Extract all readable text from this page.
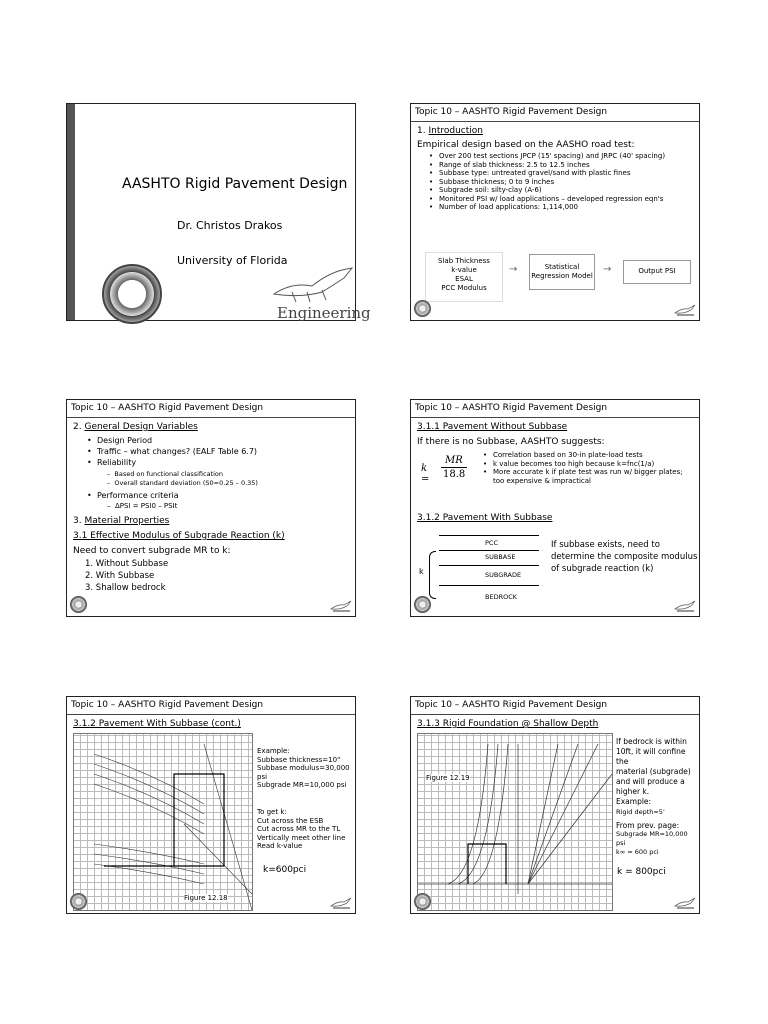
AASHTO Rigid Pavement Design
Dr. Christos Drakos
University of Florida
Engineering
Topic 10 – AASHTO Rigid Pavement Design
1. Introduction
Empirical design based on the AASHO road test:
• Over 200 test sections JPCP (15' spacing) and JRPC (40' spacing)
• Range of slab thickness: 2.5 to 12.5 inches
• Subbase type: untreated gravel/sand with plastic fines
• Subbase thickness; 0 to 9 inches
• Subgrade soil: silty-clay (A-6)
• Monitored PSI w/ load applications – developed regression eqn's
• Number of load applications: 1,114,000
Slab Thickness
k-value
ESAL
PCC Modulus
→	Statistical Regression Model
→	Output PSI
Topic 10 – AASHTO Rigid Pavement Design
2. General Design Variables
• Design Period
• Traffic – what changes? (EALF Table 6.7)
• Reliability
–  Based on functional classification
–  Overall standard deviation (S0=0.25 – 0.35)
• Performance criteria
–  ΔPSI = PSI0 – PSIt
3. Material Properties
3.1 Effective Modulus of Subgrade Reaction (k)
Need to convert subgrade MR to k:
1. Without Subbase
2. With Subbase
3. Shallow bedrock
Topic 10 – AASHTO Rigid Pavement Design
3.1.1 Pavement Without Subbase
If there is no Subbase, AASHTO suggests:
k =
MR
18.8
• Correlation based on 30-in plate-load tests
• k value becomes too high because k=fnc(1/a)
• More accurate k if plate test was run w/ bigger plates; too expensive & impractical
3.1.2 Pavement With Subbase
PCC
SUBBASE
SUBGRADE
BEDROCK
k
If subbase exists, need to determine the composite modulus of subgrade reaction (k)
Topic 10 – AASHTO Rigid Pavement Design
3.1.2 Pavement With Subbase (cont.)
Figure 12.18
Example:
Subbase thickness=10"
Subbase modulus=30,000 psi
Subgrade MR=10,000 psi
To get k:
Cut across the ESB
Cut across MR to the TL
Vertically meet other line
Read k-value
k=600pci
Topic 10 – AASHTO Rigid Pavement Design
3.1.3 Rigid Foundation @ Shallow Depth
Figure 12.19
If bedrock is within
10ft, it will confine the
material (subgrade)
and will produce a
higher k.
Example:
Rigid depth=5'
From prev. page:
Subgrade MR=10,000 psi
k∞ = 600 pci
k = 800pci
